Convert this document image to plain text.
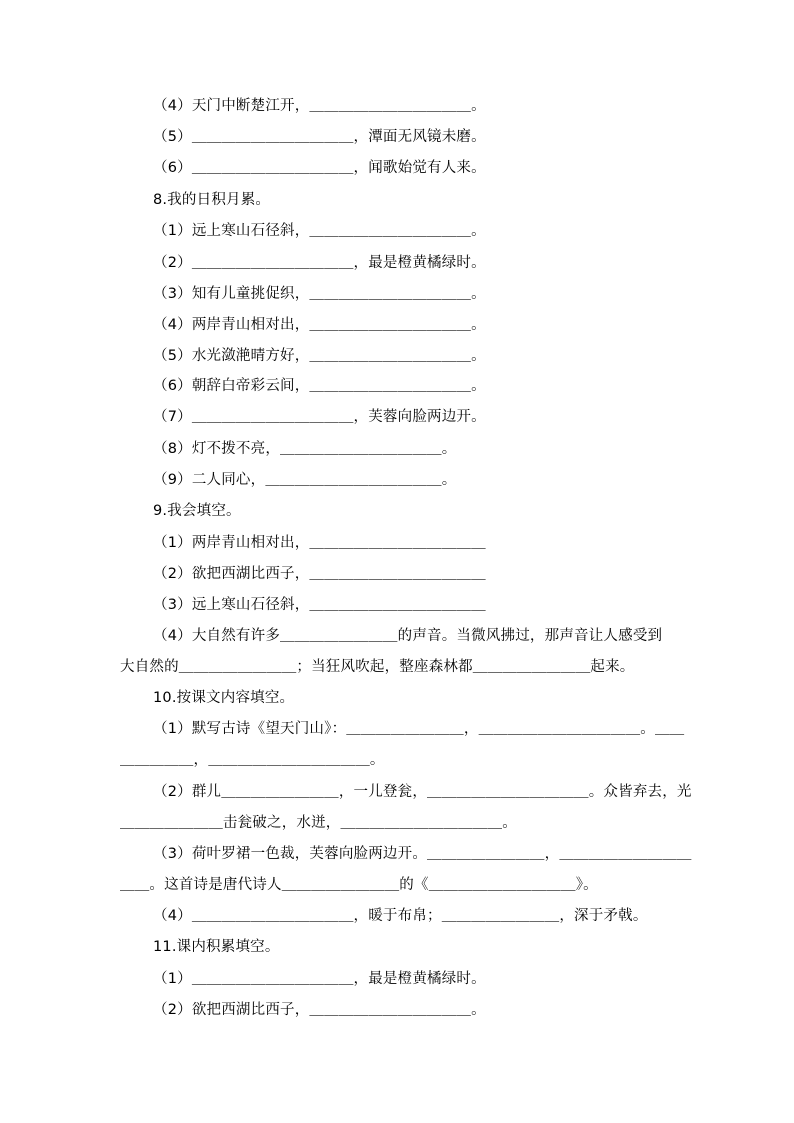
（4）天门中断楚江开，＿＿＿＿＿＿＿＿＿＿＿。
（5）＿＿＿＿＿＿＿＿＿＿＿，潭面无风镜未磨。
（6）＿＿＿＿＿＿＿＿＿＿＿，闻歌始觉有人来。
8.我的日积月累。
（1）远上寒山石径斜，＿＿＿＿＿＿＿＿＿＿＿。
（2）＿＿＿＿＿＿＿＿＿＿＿，最是橙黄橘绿时。
（3）知有儿童挑促织，＿＿＿＿＿＿＿＿＿＿＿。
（4）两岸青山相对出，＿＿＿＿＿＿＿＿＿＿＿。
（5）水光潋滟晴方好，＿＿＿＿＿＿＿＿＿＿＿。
（6）朝辞白帝彩云间，＿＿＿＿＿＿＿＿＿＿＿。
（7）＿＿＿＿＿＿＿＿＿＿＿，芙蓉向脸两边开。
（8）灯不拨不亮，＿＿＿＿＿＿＿＿＿＿＿。
（9）二人同心，＿＿＿＿＿＿＿＿＿＿＿＿。
9.我会填空。
（1）两岸青山相对出，＿＿＿＿＿＿＿＿＿＿＿＿
（2）欲把西湖比西子，＿＿＿＿＿＿＿＿＿＿＿＿
（3）远上寒山石径斜，＿＿＿＿＿＿＿＿＿＿＿＿
（4）大自然有许多＿＿＿＿＿＿＿＿的声音。当微风拂过，那声音让人感受到
大自然的＿＿＿＿＿＿＿＿；当狂风吹起，整座森林都＿＿＿＿＿＿＿＿起来。
10.按课文内容填空。
（1）默写古诗《望天门山》：＿＿＿＿＿＿＿＿，＿＿＿＿＿＿＿＿＿＿＿。＿＿
＿＿＿＿＿，＿＿＿＿＿＿＿＿＿＿＿。
（2）群儿＿＿＿＿＿＿＿＿，一儿登瓮，＿＿＿＿＿＿＿＿＿＿＿。众皆弃去，光
＿＿＿＿＿＿＿击瓮破之，水迸，＿＿＿＿＿＿＿＿＿＿＿。
（3）荷叶罗裙一色裁，芙蓉向脸两边开。＿＿＿＿＿＿＿＿，＿＿＿＿＿＿＿＿＿
＿＿。这首诗是唐代诗人＿＿＿＿＿＿＿＿的《＿＿＿＿＿＿＿＿＿＿》。
（4）＿＿＿＿＿＿＿＿＿＿＿，暖于布帛；＿＿＿＿＿＿＿＿，深于矛戟。
11.课内积累填空。
（1）＿＿＿＿＿＿＿＿＿＿＿，最是橙黄橘绿时。
（2）欲把西湖比西子，＿＿＿＿＿＿＿＿＿＿＿。
